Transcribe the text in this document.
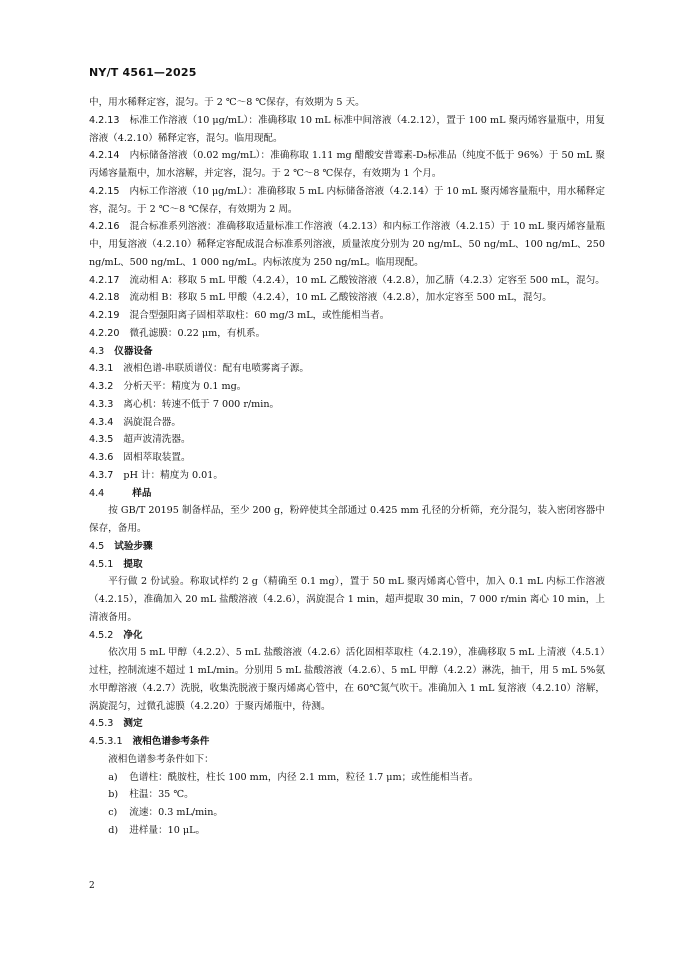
NY/T 4561—2025

中，用水稀释定容，混匀。于 2 ℃～8 ℃保存，有效期为 5 天。

4.2.13 标准工作溶液（10 μg/mL）：准确移取 10 mL 标准中间溶液（4.2.12），置于 100 mL 聚丙烯容量瓶中，用复溶液（4.2.10）稀释定容，混匀。临用现配。

4.2.14 内标储备溶液（0.02 mg/mL）：准确称取 1.11 mg 醋酸安普霉素-D₅标准品（纯度不低于 96%）于 50 mL 聚丙烯容量瓶中，加水溶解，并定容，混匀。于 2 ℃～8 ℃保存，有效期为 1 个月。

4.2.15 内标工作溶液（10 μg/mL）：准确移取 5 mL 内标储备溶液（4.2.14）于 10 mL 聚丙烯容量瓶中，用水稀释定容，混匀。于 2 ℃～8 ℃保存，有效期为 2 周。

4.2.16 混合标准系列溶液：准确移取适量标准工作溶液（4.2.13）和内标工作溶液（4.2.15）于 10 mL 聚丙烯容量瓶中，用复溶液（4.2.10）稀释定容配成混合标准系列溶液，质量浓度分别为 20 ng/mL、50 ng/mL、100 ng/mL、250 ng/mL、500 ng/mL、1 000 ng/mL。内标浓度为 250 ng/mL。临用现配。

4.2.17 流动相 A：移取 5 mL 甲酸（4.2.4），10 mL 乙酸铵溶液（4.2.8），加乙腈（4.2.3）定容至 500 mL，混匀。

4.2.18 流动相 B：移取 5 mL 甲酸（4.2.4），10 mL 乙酸铵溶液（4.2.8），加水定容至 500 mL，混匀。

4.2.19 混合型强阳离子固相萃取柱：60 mg/3 mL，或性能相当者。

4.2.20 微孔滤膜：0.22 μm，有机系。

4.3 仪器设备

4.3.1 液相色谱-串联质谱仪：配有电喷雾离子源。

4.3.2 分析天平：精度为 0.1 mg。

4.3.3 离心机：转速不低于 7 000 r/min。

4.3.4 涡旋混合器。

4.3.5 超声波清洗器。

4.3.6 固相萃取装置。

4.3.7 pH 计：精度为 0.01。

4.4	样品

按 GB/T 20195 制备样品，至少 200 g，粉碎使其全部通过 0.425 mm 孔径的分析筛，充分混匀，装入密闭容器中保存，备用。

4.5 试验步骤

4.5.1 提取

平行做 2 份试验。称取试样约 2 g（精确至 0.1 mg），置于 50 mL 聚丙烯离心管中，加入 0.1 mL 内标工作溶液（4.2.15），准确加入 20 mL 盐酸溶液（4.2.6），涡旋混合 1 min，超声提取 30 min，7 000 r/min 离心 10 min，上清液备用。

4.5.2 净化

依次用 5 mL 甲醇（4.2.2）、5 mL 盐酸溶液（4.2.6）活化固相萃取柱（4.2.19），准确移取 5 mL 上清液（4.5.1）过柱，控制流速不超过 1 mL/min。分别用 5 mL 盐酸溶液（4.2.6）、5 mL 甲醇（4.2.2）淋洗，抽干，用 5 mL 5%氨水甲醇溶液（4.2.7）洗脱，收集洗脱液于聚丙烯离心管中，在 60℃氮气吹干。准确加入 1 mL 复溶液（4.2.10）溶解，涡旋混匀，过微孔滤膜（4.2.20）于聚丙烯瓶中，待测。

4.5.3 测定

4.5.3.1 液相色谱参考条件

液相色谱参考条件如下：

a) 色谱柱：酰胺柱，柱长 100 mm，内径 2.1 mm，粒径 1.7 μm；或性能相当者。

b) 柱温：35 ℃。

c) 流速：0.3 mL/min。

d) 进样量：10 μL。

2
